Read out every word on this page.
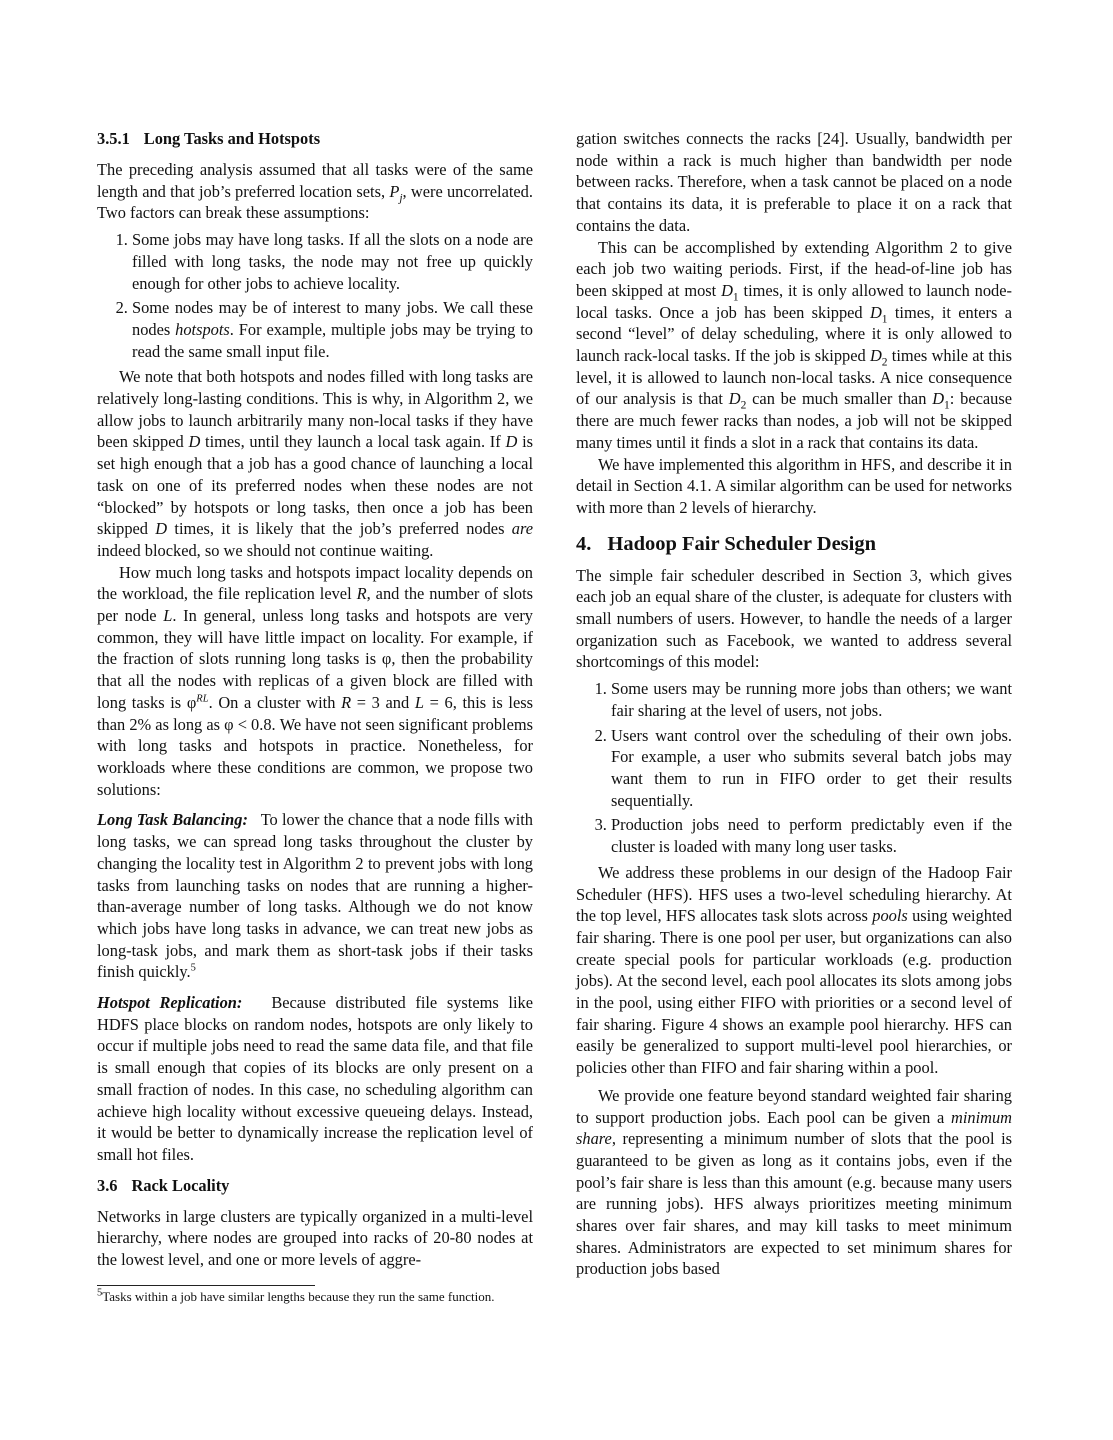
3.5.1 Long Tasks and Hotspots

The preceding analysis assumed that all tasks were of the same length and that job’s preferred location sets, $P_j$, were uncorrelated. Two factors can break these assumptions:

1. Some jobs may have long tasks. If all the slots on a node are filled with long tasks, the node may not free up quickly enough for other jobs to achieve locality.
2. Some nodes may be of interest to many jobs. We call these nodes hotspots. For example, multiple jobs may be trying to read the same small input file.

We note that both hotspots and nodes filled with long tasks are relatively long-lasting conditions. This is why, in Algorithm 2, we allow jobs to launch arbitrarily many non-local tasks if they have been skipped D times, until they launch a local task again. If D is set high enough that a job has a good chance of launching a local task on one of its preferred nodes when these nodes are not “blocked” by hotspots or long tasks, then once a job has been skipped D times, it is likely that the job’s preferred nodes are indeed blocked, so we should not continue waiting.

How much long tasks and hotspots impact locality depends on the workload, the file replication level R, and the number of slots per node L. In general, unless long tasks and hotspots are very common, they will have little impact on locality. For example, if the fraction of slots running long tasks is φ, then the probability that all the nodes with replicas of a given block are filled with long tasks is $\varphi^{RL}$. On a cluster with R = 3 and L = 6, this is less than 2% as long as φ < 0.8. We have not seen significant problems with long tasks and hotspots in practice. Nonetheless, for workloads where these conditions are common, we propose two solutions:

Long Task Balancing: To lower the chance that a node fills with long tasks, we can spread long tasks throughout the cluster by changing the locality test in Algorithm 2 to prevent jobs with long tasks from launching tasks on nodes that are running a higher-than-average number of long tasks. Although we do not know which jobs have long tasks in advance, we can treat new jobs as long-task jobs, and mark them as short-task jobs if their tasks finish quickly.$^5$

Hotspot Replication: Because distributed file systems like HDFS place blocks on random nodes, hotspots are only likely to occur if multiple jobs need to read the same data file, and that file is small enough that copies of its blocks are only present on a small fraction of nodes. In this case, no scheduling algorithm can achieve high locality without excessive queueing delays. Instead, it would be better to dynamically increase the replication level of small hot files.

3.6 Rack Locality

Networks in large clusters are typically organized in a multi-level hierarchy, where nodes are grouped into racks of 20-80 nodes at the lowest level, and one or more levels of aggre-

$^5$Tasks within a job have similar lengths because they run the same function.

gation switches connects the racks [24]. Usually, bandwidth per node within a rack is much higher than bandwidth per node between racks. Therefore, when a task cannot be placed on a node that contains its data, it is preferable to place it on a rack that contains the data.

This can be accomplished by extending Algorithm 2 to give each job two waiting periods. First, if the head-of-line job has been skipped at most $D_1$ times, it is only allowed to launch node-local tasks. Once a job has been skipped $D_1$ times, it enters a second “level” of delay scheduling, where it is only allowed to launch rack-local tasks. If the job is skipped $D_2$ times while at this level, it is allowed to launch non-local tasks. A nice consequence of our analysis is that $D_2$ can be much smaller than $D_1$: because there are much fewer racks than nodes, a job will not be skipped many times until it finds a slot in a rack that contains its data.

We have implemented this algorithm in HFS, and describe it in detail in Section 4.1. A similar algorithm can be used for networks with more than 2 levels of hierarchy.

4. Hadoop Fair Scheduler Design

The simple fair scheduler described in Section 3, which gives each job an equal share of the cluster, is adequate for clusters with small numbers of users. However, to handle the needs of a larger organization such as Facebook, we wanted to address several shortcomings of this model:

1. Some users may be running more jobs than others; we want fair sharing at the level of users, not jobs.
2. Users want control over the scheduling of their own jobs. For example, a user who submits several batch jobs may want them to run in FIFO order to get their results sequentially.
3. Production jobs need to perform predictably even if the cluster is loaded with many long user tasks.

We address these problems in our design of the Hadoop Fair Scheduler (HFS). HFS uses a two-level scheduling hierarchy. At the top level, HFS allocates task slots across pools using weighted fair sharing. There is one pool per user, but organizations can also create special pools for particular workloads (e.g. production jobs). At the second level, each pool allocates its slots among jobs in the pool, using either FIFO with priorities or a second level of fair sharing. Figure 4 shows an example pool hierarchy. HFS can easily be generalized to support multi-level pool hierarchies, or policies other than FIFO and fair sharing within a pool.

We provide one feature beyond standard weighted fair sharing to support production jobs. Each pool can be given a minimum share, representing a minimum number of slots that the pool is guaranteed to be given as long as it contains jobs, even if the pool’s fair share is less than this amount (e.g. because many users are running jobs). HFS always prioritizes meeting minimum shares over fair shares, and may kill tasks to meet minimum shares. Administrators are expected to set minimum shares for production jobs based
